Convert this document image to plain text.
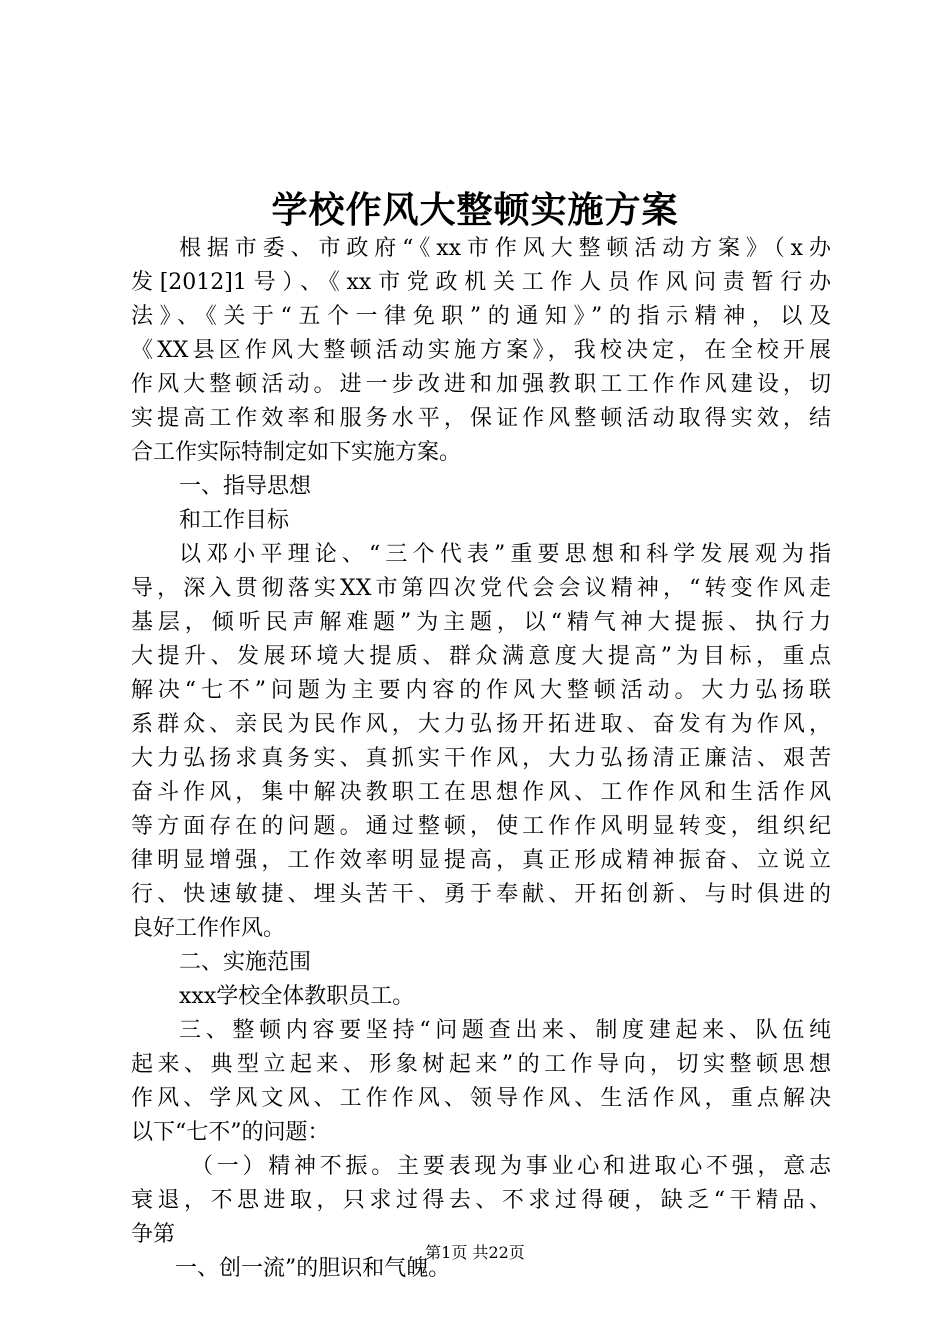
学校作风大整顿实施方案
根据市委、市政府“《xx市作风大整顿活动方案》（x办
发[2012]1号）、《xx市党政机关工作人员作风问责暂行办
法》、《关于“五个一律免职”的通知》”的指示精神，以及
《XX县区作风大整顿活动实施方案》，我校决定，在全校开展
作风大整顿活动。进一步改进和加强教职工工作作风建设，切
实提高工作效率和服务水平，保证作风整顿活动取得实效，结
合工作实际特制定如下实施方案。
一、指导思想
和工作目标
以邓小平理论、“三个代表”重要思想和科学发展观为指
导，深入贯彻落实XX市第四次党代会会议精神，“转变作风走
基层，倾听民声解难题”为主题，以“精气神大提振、执行力
大提升、发展环境大提质、群众满意度大提高”为目标，重点
解决“七不”问题为主要内容的作风大整顿活动。大力弘扬联
系群众、亲民为民作风，大力弘扬开拓进取、奋发有为作风，
大力弘扬求真务实、真抓实干作风，大力弘扬清正廉洁、艰苦
奋斗作风，集中解决教职工在思想作风、工作作风和生活作风
等方面存在的问题。通过整顿，使工作作风明显转变，组织纪
律明显增强，工作效率明显提高，真正形成精神振奋、立说立
行、快速敏捷、埋头苦干、勇于奉献、开拓创新、与时俱进的
良好工作作风。
二、实施范围
xxx学校全体教职员工。
三、整顿内容要坚持“问题查出来、制度建起来、队伍纯
起来、典型立起来、形象树起来”的工作导向，切实整顿思想
作风、学风文风、工作作风、领导作风、生活作风，重点解决
以下“七不”的问题：
（一）精神不振。主要表现为事业心和进取心不强，意志
衰退，不思进取，只求过得去、不求过得硬，缺乏“干精品、
争第
一、创一流”的胆识和气魄。
第1页 共22页
